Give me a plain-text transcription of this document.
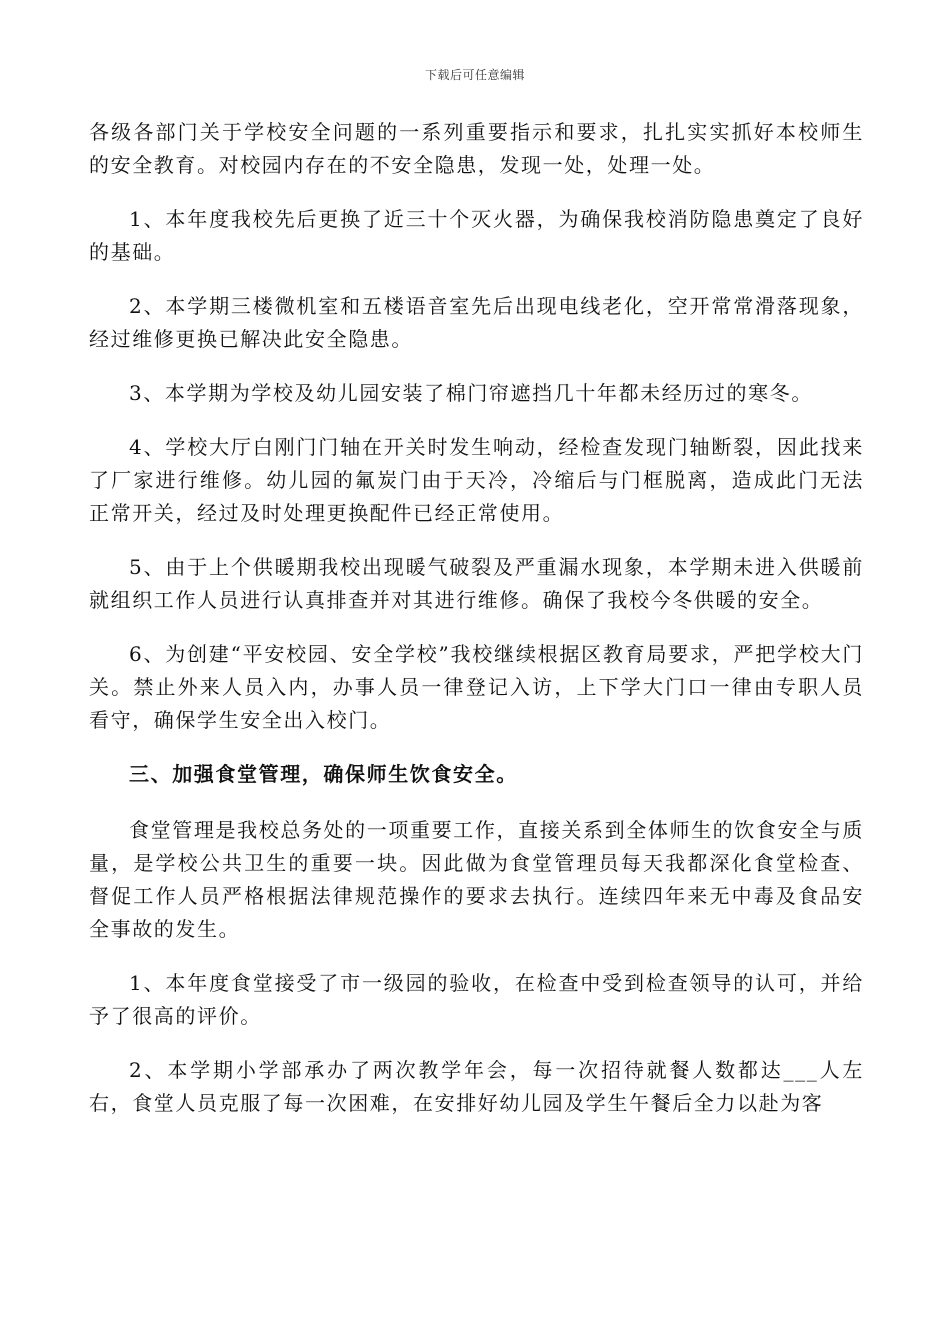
下载后可任意编辑

各级各部门关于学校安全问题的一系列重要指示和要求，扎扎实实抓好本校师生的安全教育。对校园内存在的不安全隐患，发现一处，处理一处。

1、本年度我校先后更换了近三十个灭火器，为确保我校消防隐患奠定了良好的基础。

2、本学期三楼微机室和五楼语音室先后出现电线老化，空开常常滑落现象，经过维修更换已解决此安全隐患。

3、本学期为学校及幼儿园安装了棉门帘遮挡几十年都未经历过的寒冬。

4、学校大厅白刚门门轴在开关时发生响动，经检查发现门轴断裂，因此找来了厂家进行维修。幼儿园的氟炭门由于天冷，冷缩后与门框脱离，造成此门无法正常开关，经过及时处理更换配件已经正常使用。

5、由于上个供暖期我校出现暖气破裂及严重漏水现象，本学期未进入供暖前就组织工作人员进行认真排查并对其进行维修。确保了我校今冬供暖的安全。

6、为创建“平安校园、安全学校”我校继续根据区教育局要求，严把学校大门关。禁止外来人员入内，办事人员一律登记入访，上下学大门口一律由专职人员看守，确保学生安全出入校门。

三、加强食堂管理，确保师生饮食安全。

食堂管理是我校总务处的一项重要工作，直接关系到全体师生的饮食安全与质量，是学校公共卫生的重要一块。因此做为食堂管理员每天我都深化食堂检查、督促工作人员严格根据法律规范操作的要求去执行。连续四年来无中毒及食品安全事故的发生。

1、本年度食堂接受了市一级园的验收，在检查中受到检查领导的认可，并给予了很高的评价。

2、本学期小学部承办了两次教学年会，每一次招待就餐人数都达___人左右，食堂人员克服了每一次困难，在安排好幼儿园及学生午餐后全力以赴为客
